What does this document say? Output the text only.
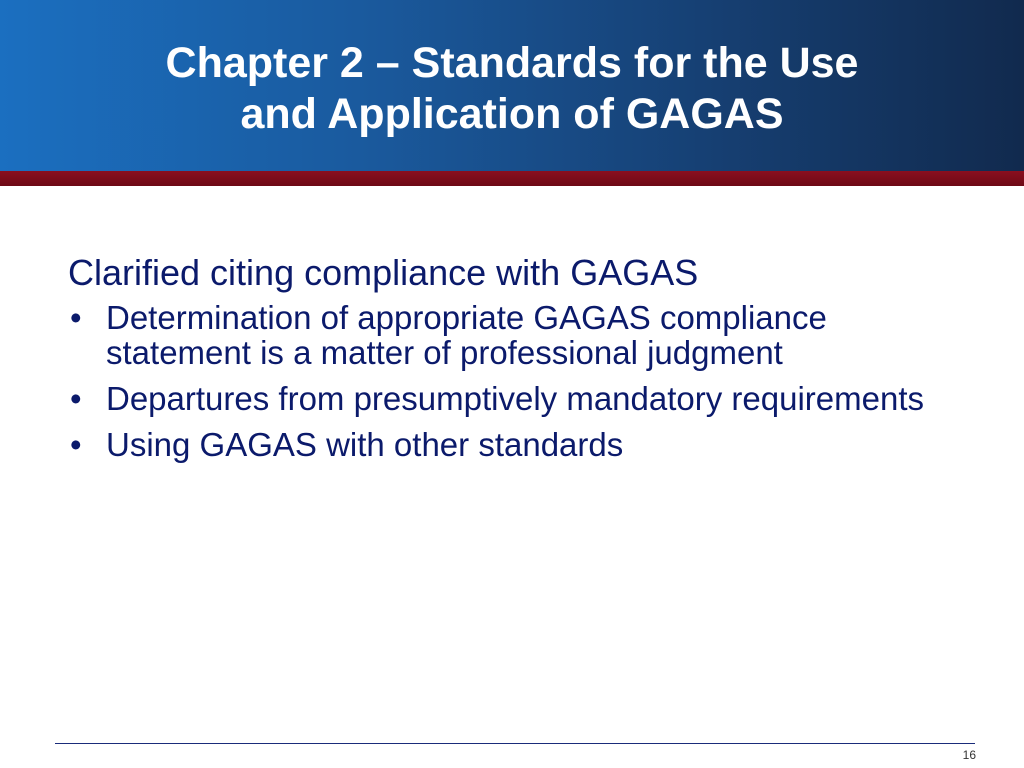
Chapter 2 – Standards for the Use
and Application of GAGAS
Clarified citing compliance with GAGAS
• Determination of appropriate GAGAS compliance statement is a matter of professional judgment
• Departures from presumptively mandatory requirements
• Using GAGAS with other standards
16
